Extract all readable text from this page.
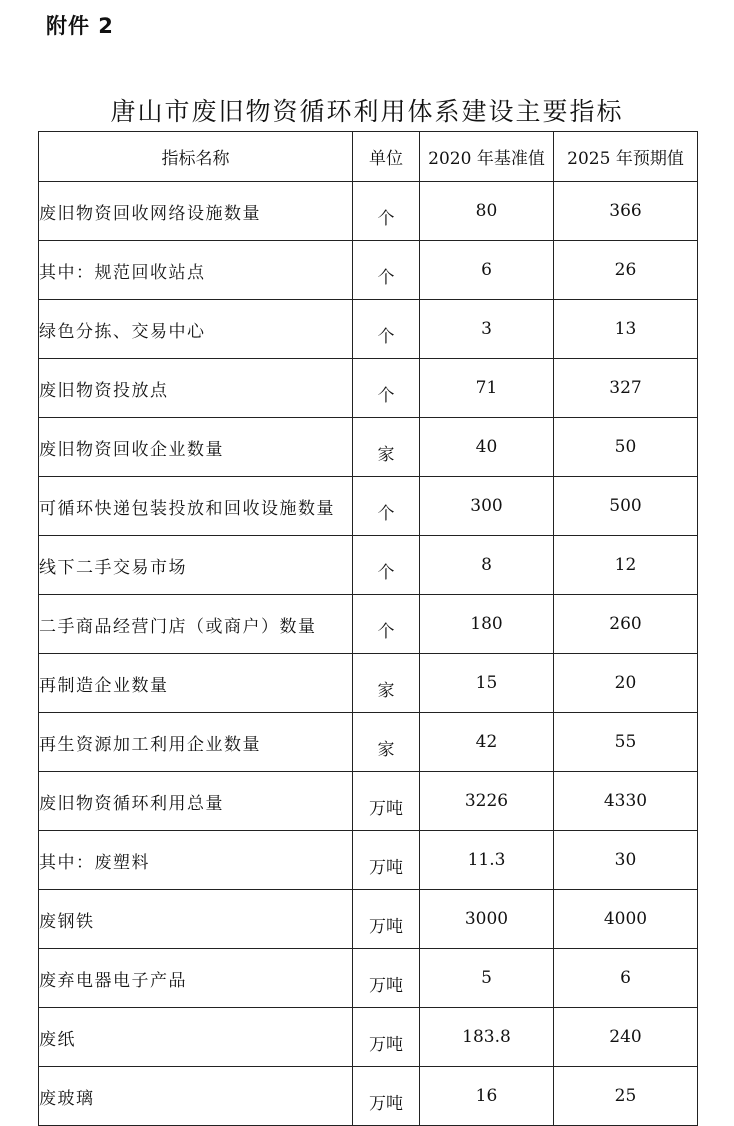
附件 2
唐山市废旧物资循环利用体系建设主要指标
指标名称	单位	2020 年基准值	2025 年预期值
废旧物资回收网络设施数量	个	80	366
其中：规范回收站点	个	6	26
绿色分拣、交易中心	个	3	13
废旧物资投放点	个	71	327
废旧物资回收企业数量	家	40	50
可循环快递包装投放和回收设施数量	个	300	500
线下二手交易市场	个	8	12
二手商品经营门店（或商户）数量	个	180	260
再制造企业数量	家	15	20
再生资源加工利用企业数量	家	42	55
废旧物资循环利用总量	万吨	3226	4330
其中：废塑料	万吨	11.3	30
废钢铁	万吨	3000	4000
废弃电器电子产品	万吨	5	6
废纸	万吨	183.8	240
废玻璃	万吨	16	25
